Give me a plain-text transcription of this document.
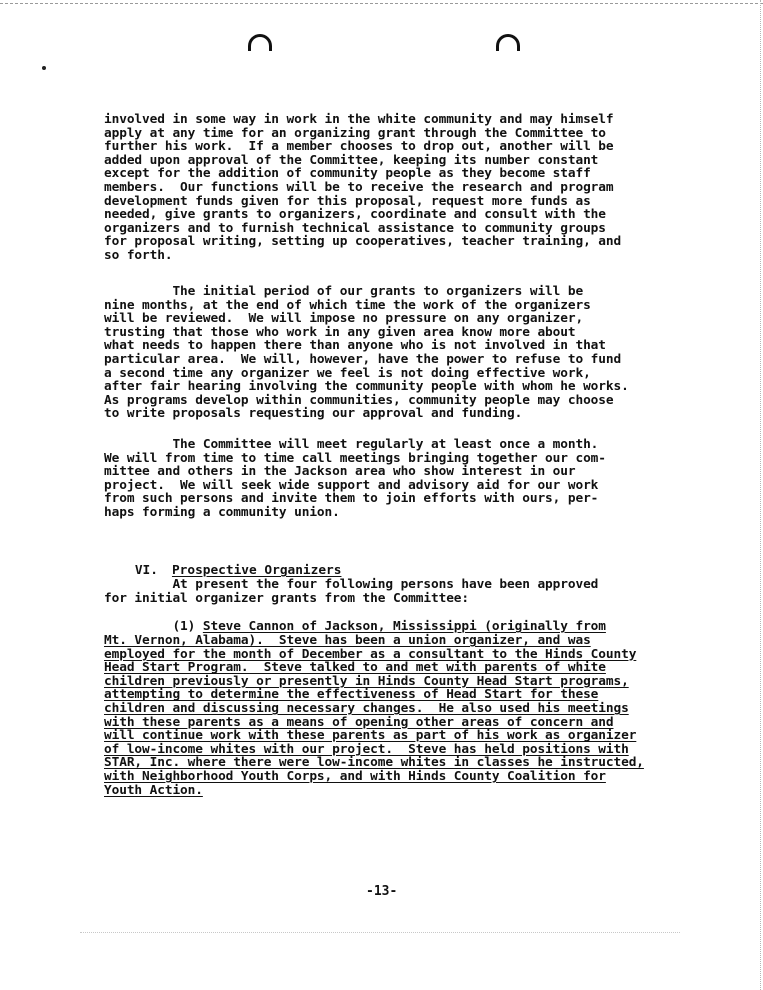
involved in some way in work in the white community and may himself
apply at any time for an organizing grant through the Committee to
further his work.  If a member chooses to drop out, another will be
added upon approval of the Committee, keeping its number constant
except for the addition of community people as they become staff
members.  Our functions will be to receive the research and program
development funds given for this proposal, request more funds as
needed, give grants to organizers, coordinate and consult with the
organizers and to furnish technical assistance to community groups
for proposal writing, setting up cooperatives, teacher training, and
so forth.
The initial period of our grants to organizers will be
nine months, at the end of which time the work of the organizers
will be reviewed.  We will impose no pressure on any organizer,
trusting that those who work in any given area know more about
what needs to happen there than anyone who is not involved in that
particular area.  We will, however, have the power to refuse to fund
a second time any organizer we feel is not doing effective work,
after fair hearing involving the community people with whom he works.
As programs develop within communities, community people may choose
to write proposals requesting our approval and funding.
The Committee will meet regularly at least once a month.
We will from time to time call meetings bringing together our com-
mittee and others in the Jackson area who show interest in our
project.  We will seek wide support and advisory aid for our work
from such persons and invite them to join efforts with ours, per-
haps forming a community union.

VI. Prospective Organizers

At present the four following persons have been approved
for initial organizer grants from the Committee:
(1) Steve Cannon of Jackson, Mississippi (originally from
Mt. Vernon, Alabama).  Steve has been a union organizer, and was
employed for the month of December as a consultant to the Hinds County
Head Start Program.  Steve talked to and met with parents of white
children previously or presently in Hinds County Head Start programs,
attempting to determine the effectiveness of Head Start for these
children and discussing necessary changes.  He also used his meetings
with these parents as a means of opening other areas of concern and
will continue work with these parents as part of his work as organizer
of low-income whites with our project.  Steve has held positions with
STAR, Inc. where there were low-income whites in classes he instructed,
with Neighborhood Youth Corps, and with Hinds County Coalition for
Youth Action.
-13-
